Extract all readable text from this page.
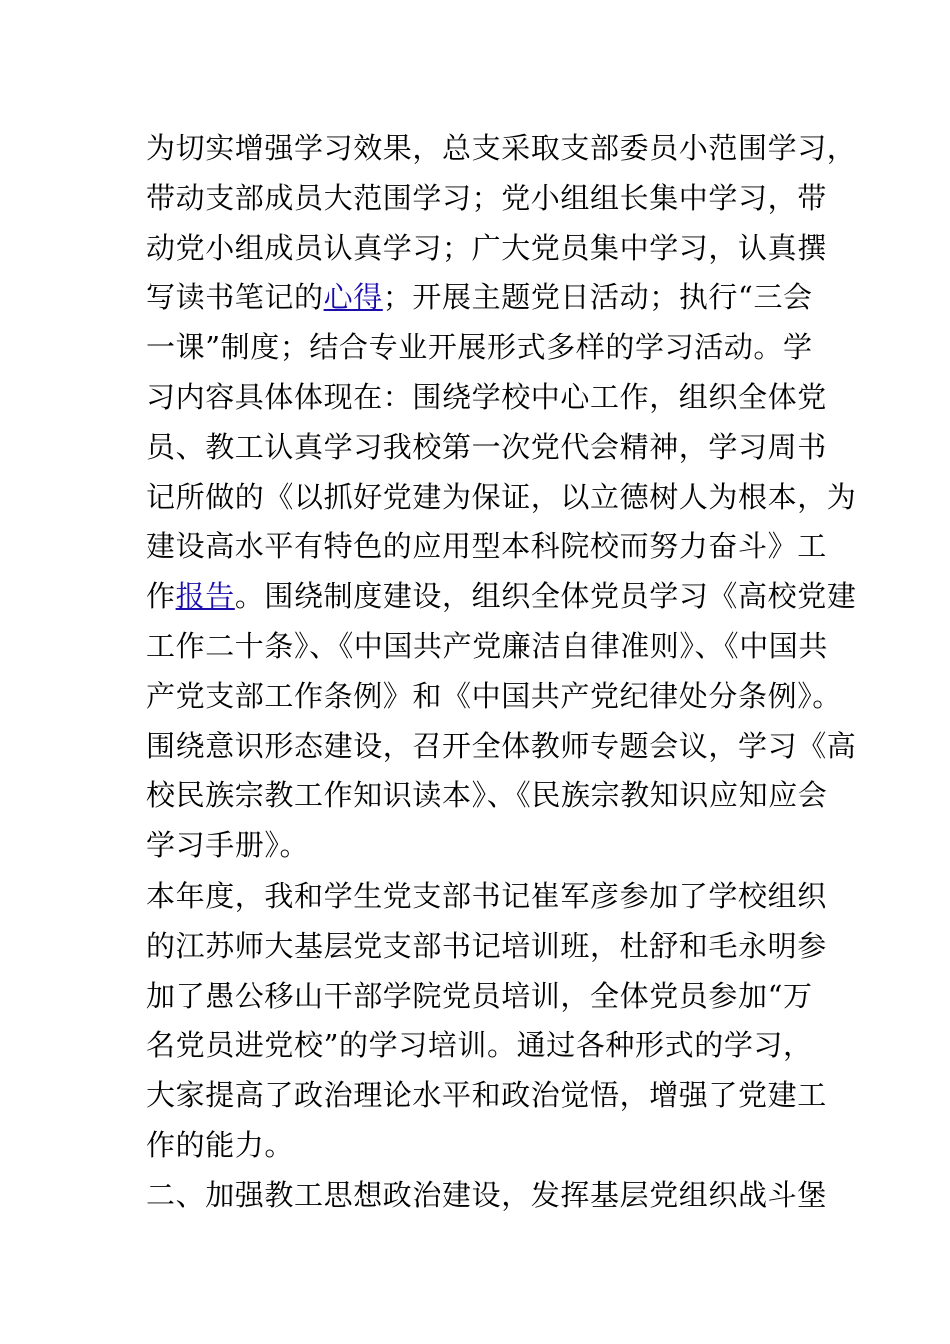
为切实增强学习效果，总支采取支部委员小范围学习，
带动支部成员大范围学习；党小组组长集中学习，带
动党小组成员认真学习；广大党员集中学习，认真撰
写读书笔记的心得；开展主题党日活动；执行“三会
一课”制度；结合专业开展形式多样的学习活动。学
习内容具体体现在：围绕学校中心工作，组织全体党
员、教工认真学习我校第一次党代会精神，学习周书
记所做的《以抓好党建为保证，以立德树人为根本，为
建设高水平有特色的应用型本科院校而努力奋斗》工
作报告。围绕制度建设，组织全体党员学习《高校党建
工作二十条》、《中国共产党廉洁自律准则》、《中国共
产党支部工作条例》和《中国共产党纪律处分条例》。
围绕意识形态建设，召开全体教师专题会议，学习《高
校民族宗教工作知识读本》、《民族宗教知识应知应会
学习手册》。
本年度，我和学生党支部书记崔军彦参加了学校组织
的江苏师大基层党支部书记培训班，杜舒和毛永明参
加了愚公移山干部学院党员培训，全体党员参加“万
名党员进党校”的学习培训。通过各种形式的学习，
大家提高了政治理论水平和政治觉悟，增强了党建工
作的能力。
二、加强教工思想政治建设，发挥基层党组织战斗堡
